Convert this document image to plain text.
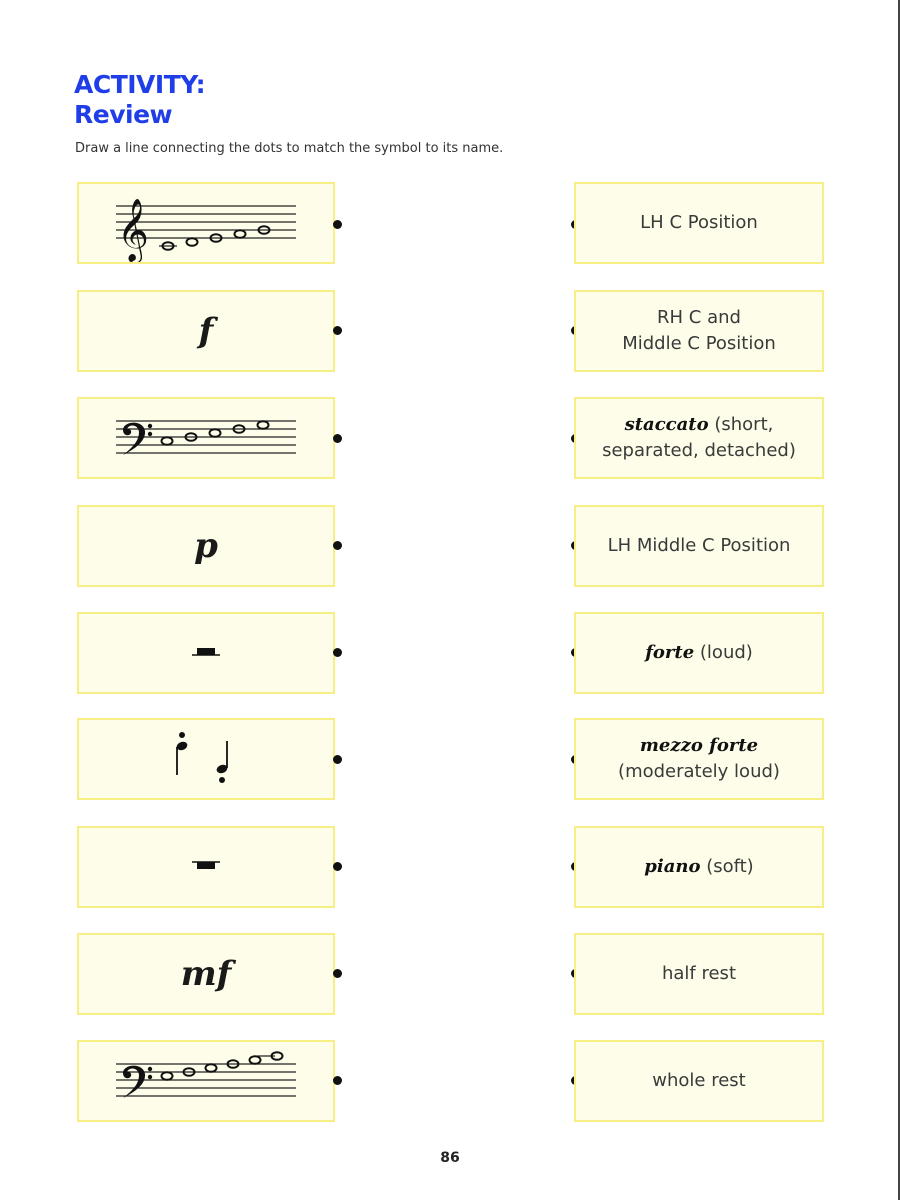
ACTIVITY:
Review

Draw a line connecting the dots to match the symbol to its name.

𝄞
f
p
mf
LH C Position
RH C and
Middle C Position
staccato (short,
separated, detached)
LH Middle C Position
forte (loud)
mezzo forte
(moderately loud)
piano (soft)
half rest
whole rest
86
